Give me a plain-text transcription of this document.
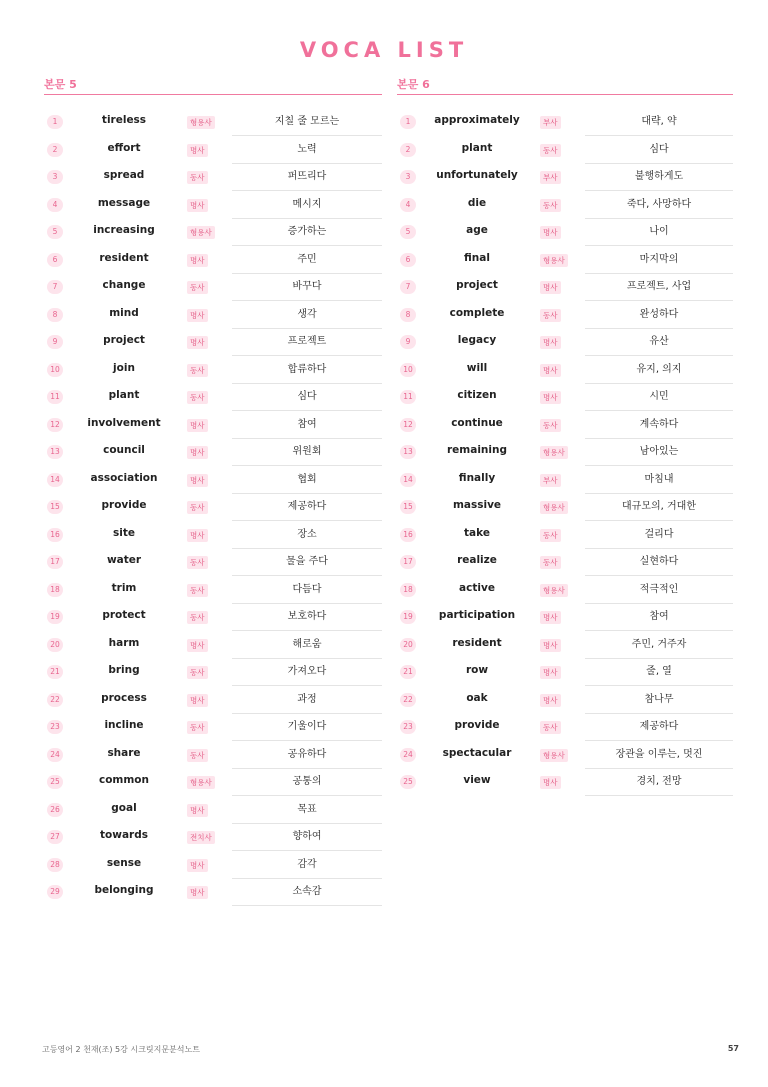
VOCA LIST
본문 5
1	tireless	형용사	지칠 줄 모르는
2	effort	명사	노력
3	spread	동사	퍼뜨리다
4	message	명사	메시지
5	increasing	형용사	증가하는
6	resident	명사	주민
7	change	동사	바꾸다
8	mind	명사	생각
9	project	명사	프로젝트
10	join	동사	합류하다
11	plant	동사	심다
12	involvement	명사	참여
13	council	명사	위원회
14	association	명사	협회
15	provide	동사	제공하다
16	site	명사	장소
17	water	동사	물을 주다
18	trim	동사	다듬다
19	protect	동사	보호하다
20	harm	명사	해로움
21	bring	동사	가져오다
22	process	명사	과정
23	incline	동사	기울이다
24	share	동사	공유하다
25	common	형용사	공통의
26	goal	명사	목표
27	towards	전치사	향하여
28	sense	명사	감각
29	belonging	명사	소속감
본문 6
1	approximately	부사	대략, 약
2	plant	동사	심다
3	unfortunately	부사	불행하게도
4	die	동사	죽다, 사망하다
5	age	명사	나이
6	final	형용사	마지막의
7	project	명사	프로젝트, 사업
8	complete	동사	완성하다
9	legacy	명사	유산
10	will	명사	유지, 의지
11	citizen	명사	시민
12	continue	동사	계속하다
13	remaining	형용사	남아있는
14	finally	부사	마침내
15	massive	형용사	대규모의, 거대한
16	take	동사	걸리다
17	realize	동사	실현하다
18	active	형용사	적극적인
19	participation	명사	참여
20	resident	명사	주민, 거주자
21	row	명사	줄, 열
22	oak	명사	참나무
23	provide	동사	제공하다
24	spectacular	형용사	장관을 이루는, 멋진
25	view	명사	경치, 전망
고등영어 2 천재(조) 5강 시크릿지문분석노트	57
